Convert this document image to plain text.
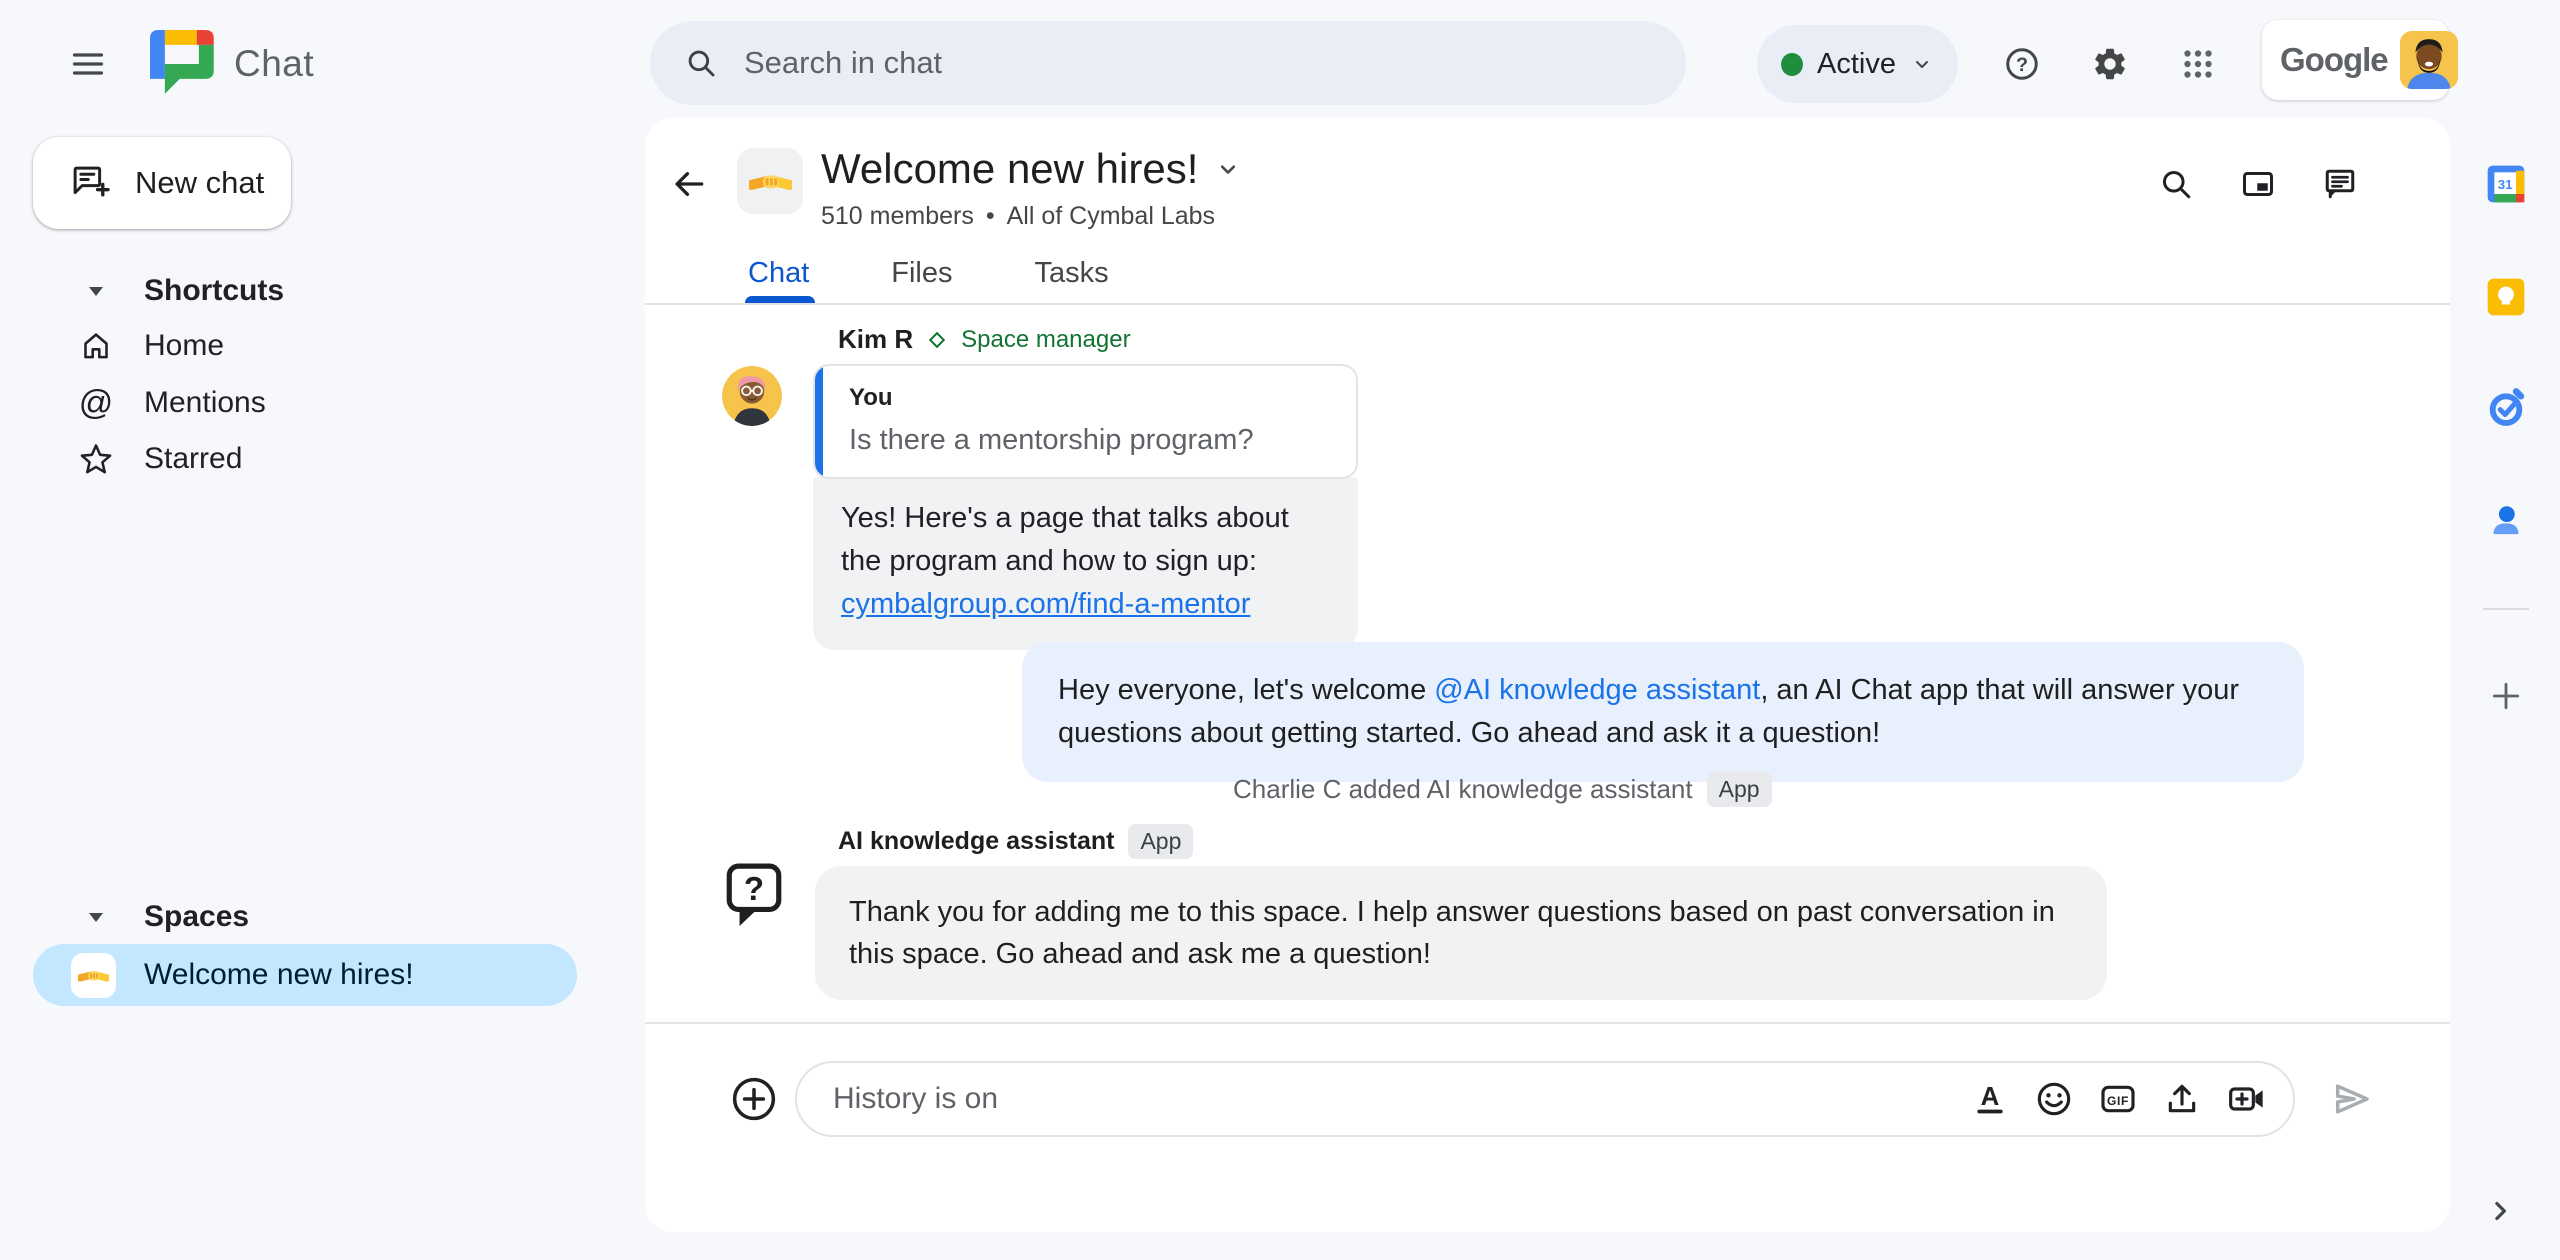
Chat
Search in chat	Active	?	Google
New chat
Shortcuts
Home
@ Mentions
Starred
Spaces
Welcome new hires!
Welcome new hires!
510 members • All of Cymbal Labs
Chat	Files	Tasks
Kim R Space manager
You
Is there a mentorship program?
Yes! Here's a page that talks about the program and how to sign up:
cymbalgroup.com/find-a-mentor
Hey everyone, let's welcome @AI knowledge assistant, an AI Chat app that will answer your questions about getting started. Go ahead and ask it a question!
Charlie C added AI knowledge assistant	App
AI knowledge assistant	App
?
Thank you for adding me to this space. I help answer questions based on past conversation in this space. Go ahead and ask me a question!
History is on
A	GIF
31
